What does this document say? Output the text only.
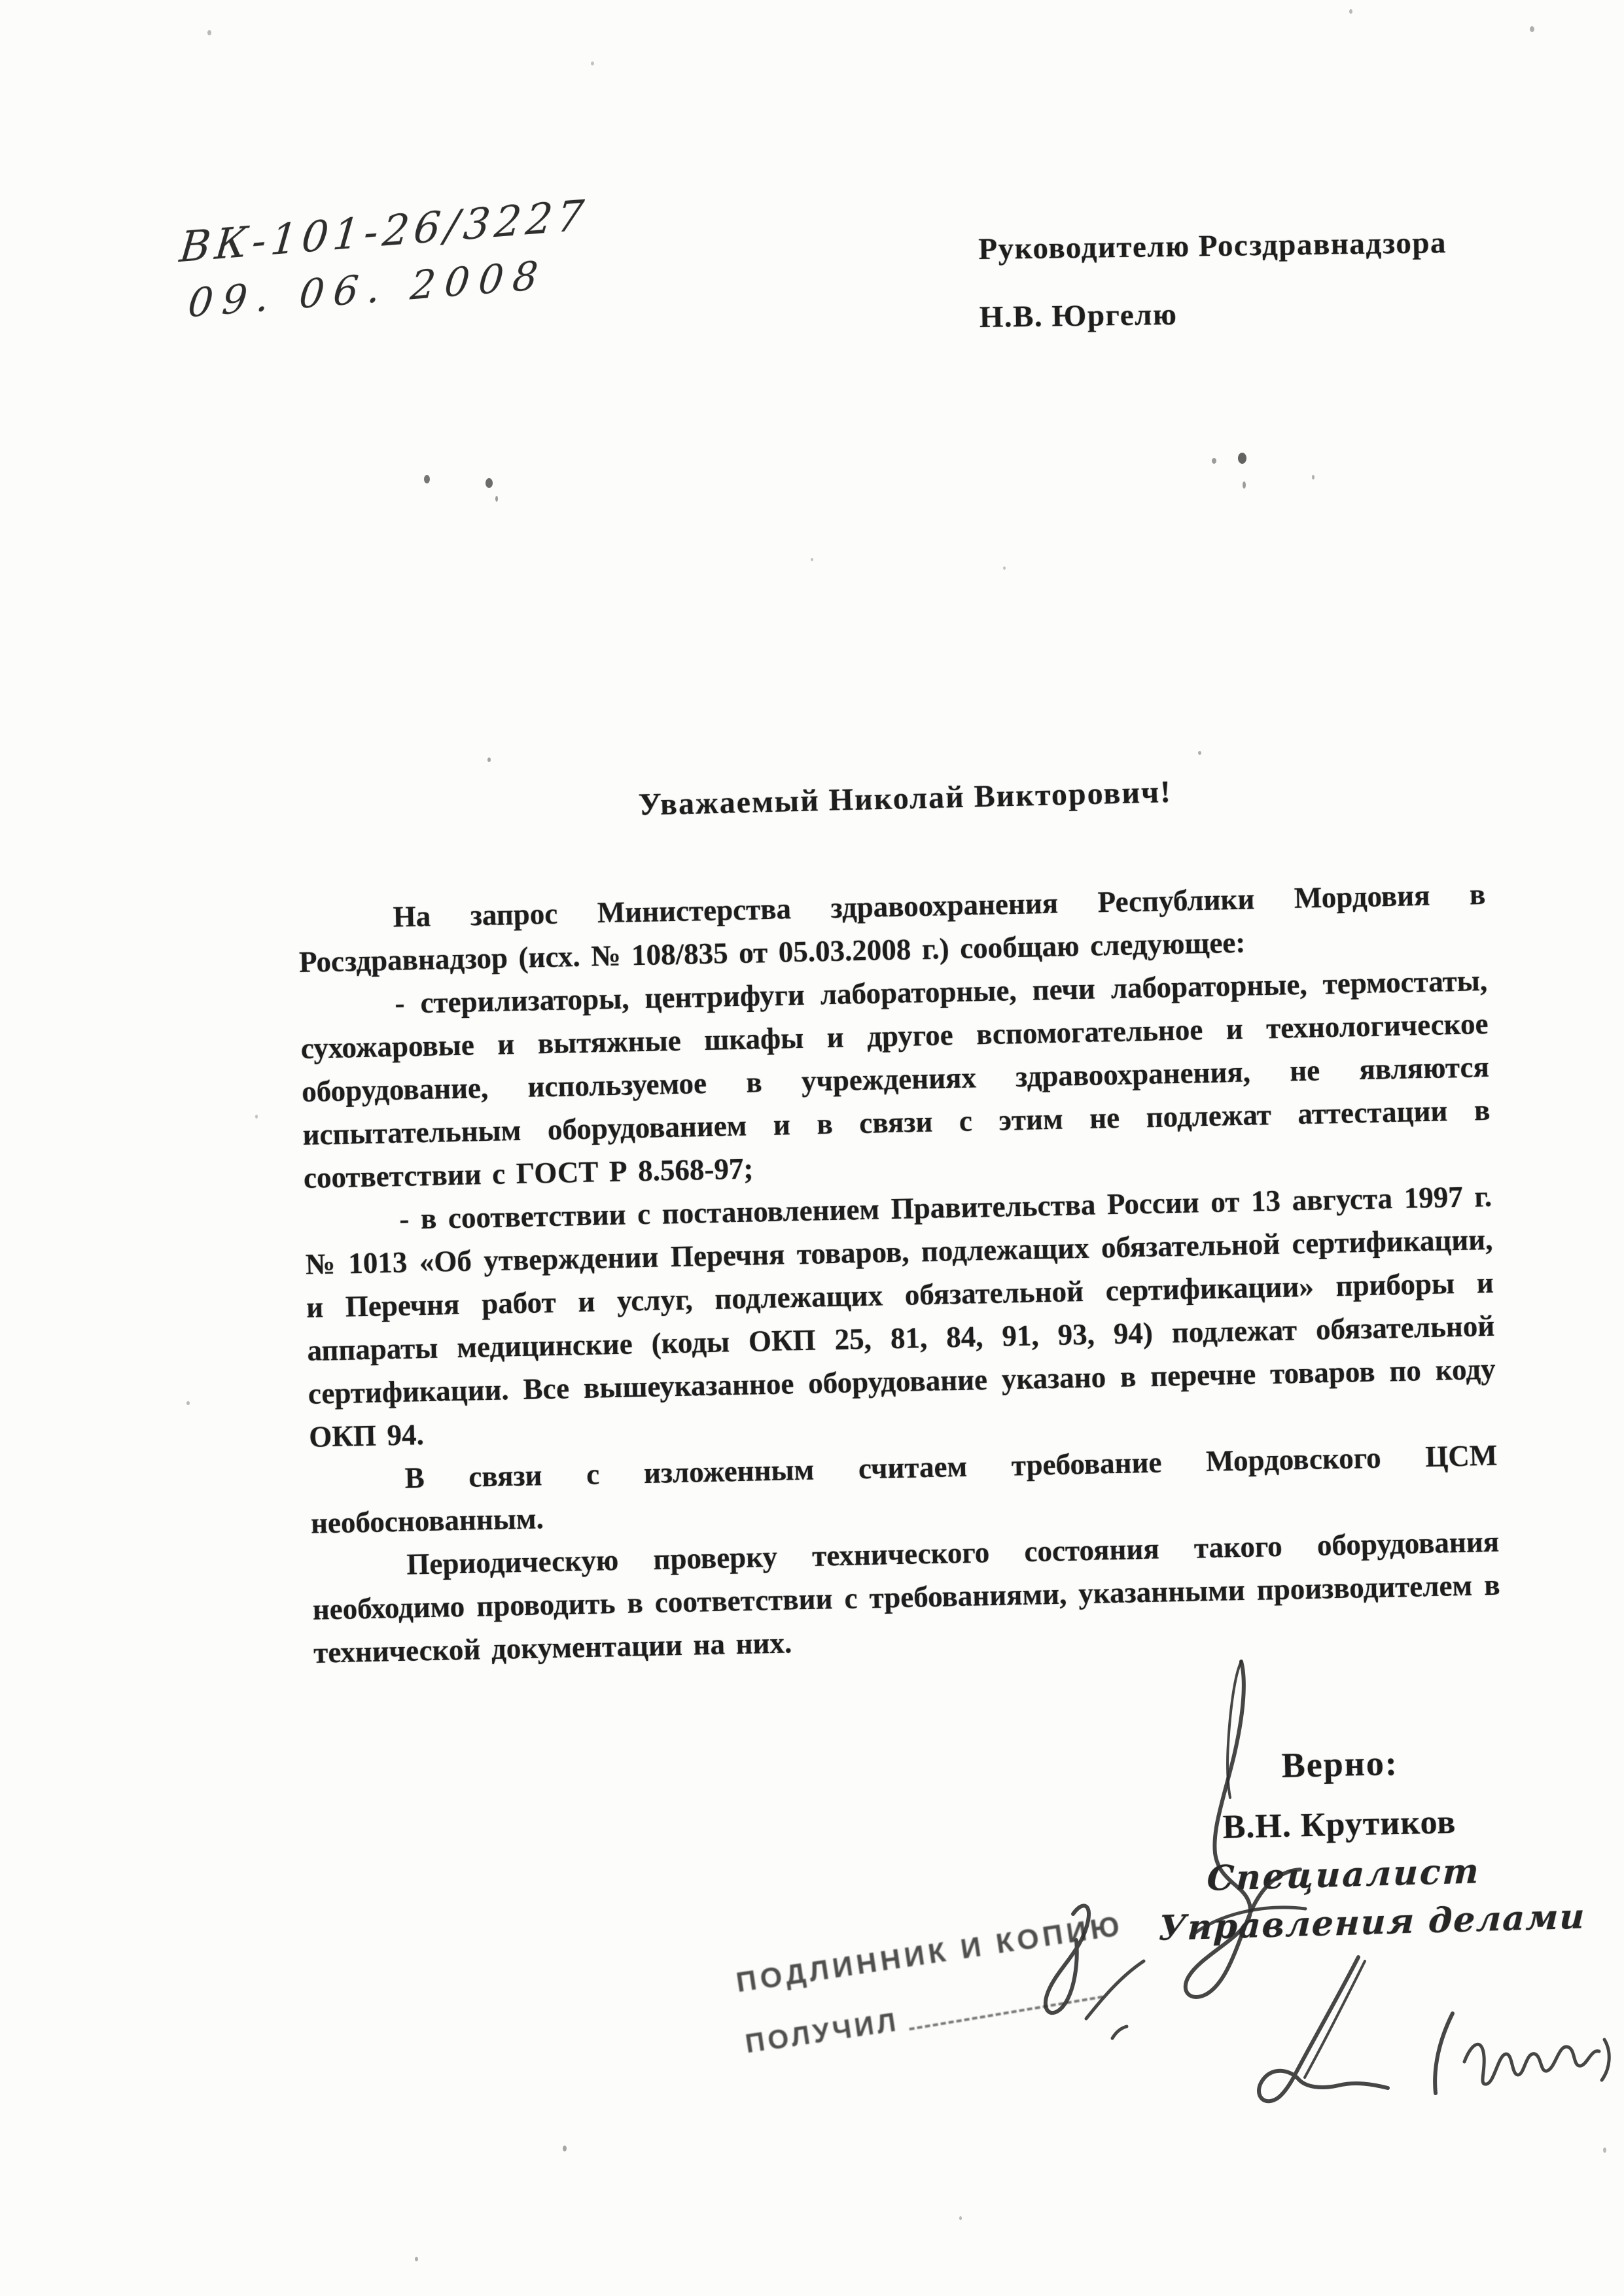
ВК-101-26/3227
09. 06. 2008
Руководителю Росздравнадзора
Н.В. Юргелю
Уважаемый Николай Викторович!

На запрос Министерства здравоохранения Республики Мордовия в Росздравнадзор (исх. № 108/835 от 05.03.2008 г.) сообщаю следующее:

- стерилизаторы, центрифуги лабораторные, печи лабораторные, термостаты, сухожаровые и вытяжные шкафы и другое вспомогательное и технологическое оборудование, используемое в учреждениях здравоохранения, не являются испытательным оборудованием и в связи с этим не подлежат аттестации в соответствии с ГОСТ Р 8.568-97;

- в соответствии с постановлением Правительства России от 13 августа 1997 г. № 1013 «Об утверждении Перечня товаров, подлежащих обязательной сертификации, и Перечня работ и услуг, подлежащих обязательной сертификации» приборы и аппараты медицинские (коды ОКП 25, 81, 84, 91, 93, 94) подлежат обязательной сертификации. Все вышеуказанное оборудование указано в перечне товаров по коду ОКП 94.

В связи с изложенным считаем требование Мордовского ЦСМ необоснованным.

Периодическую проверку технического состояния такого оборудования необходимо проводить в соответствии с требованиями, указанными производителем в технической документации на них.

Верно:
В.Н. Крутиков
Специалист
Управления делами
ПОДЛИННИК И КОПИЮ
ПОЛУЧИЛ
